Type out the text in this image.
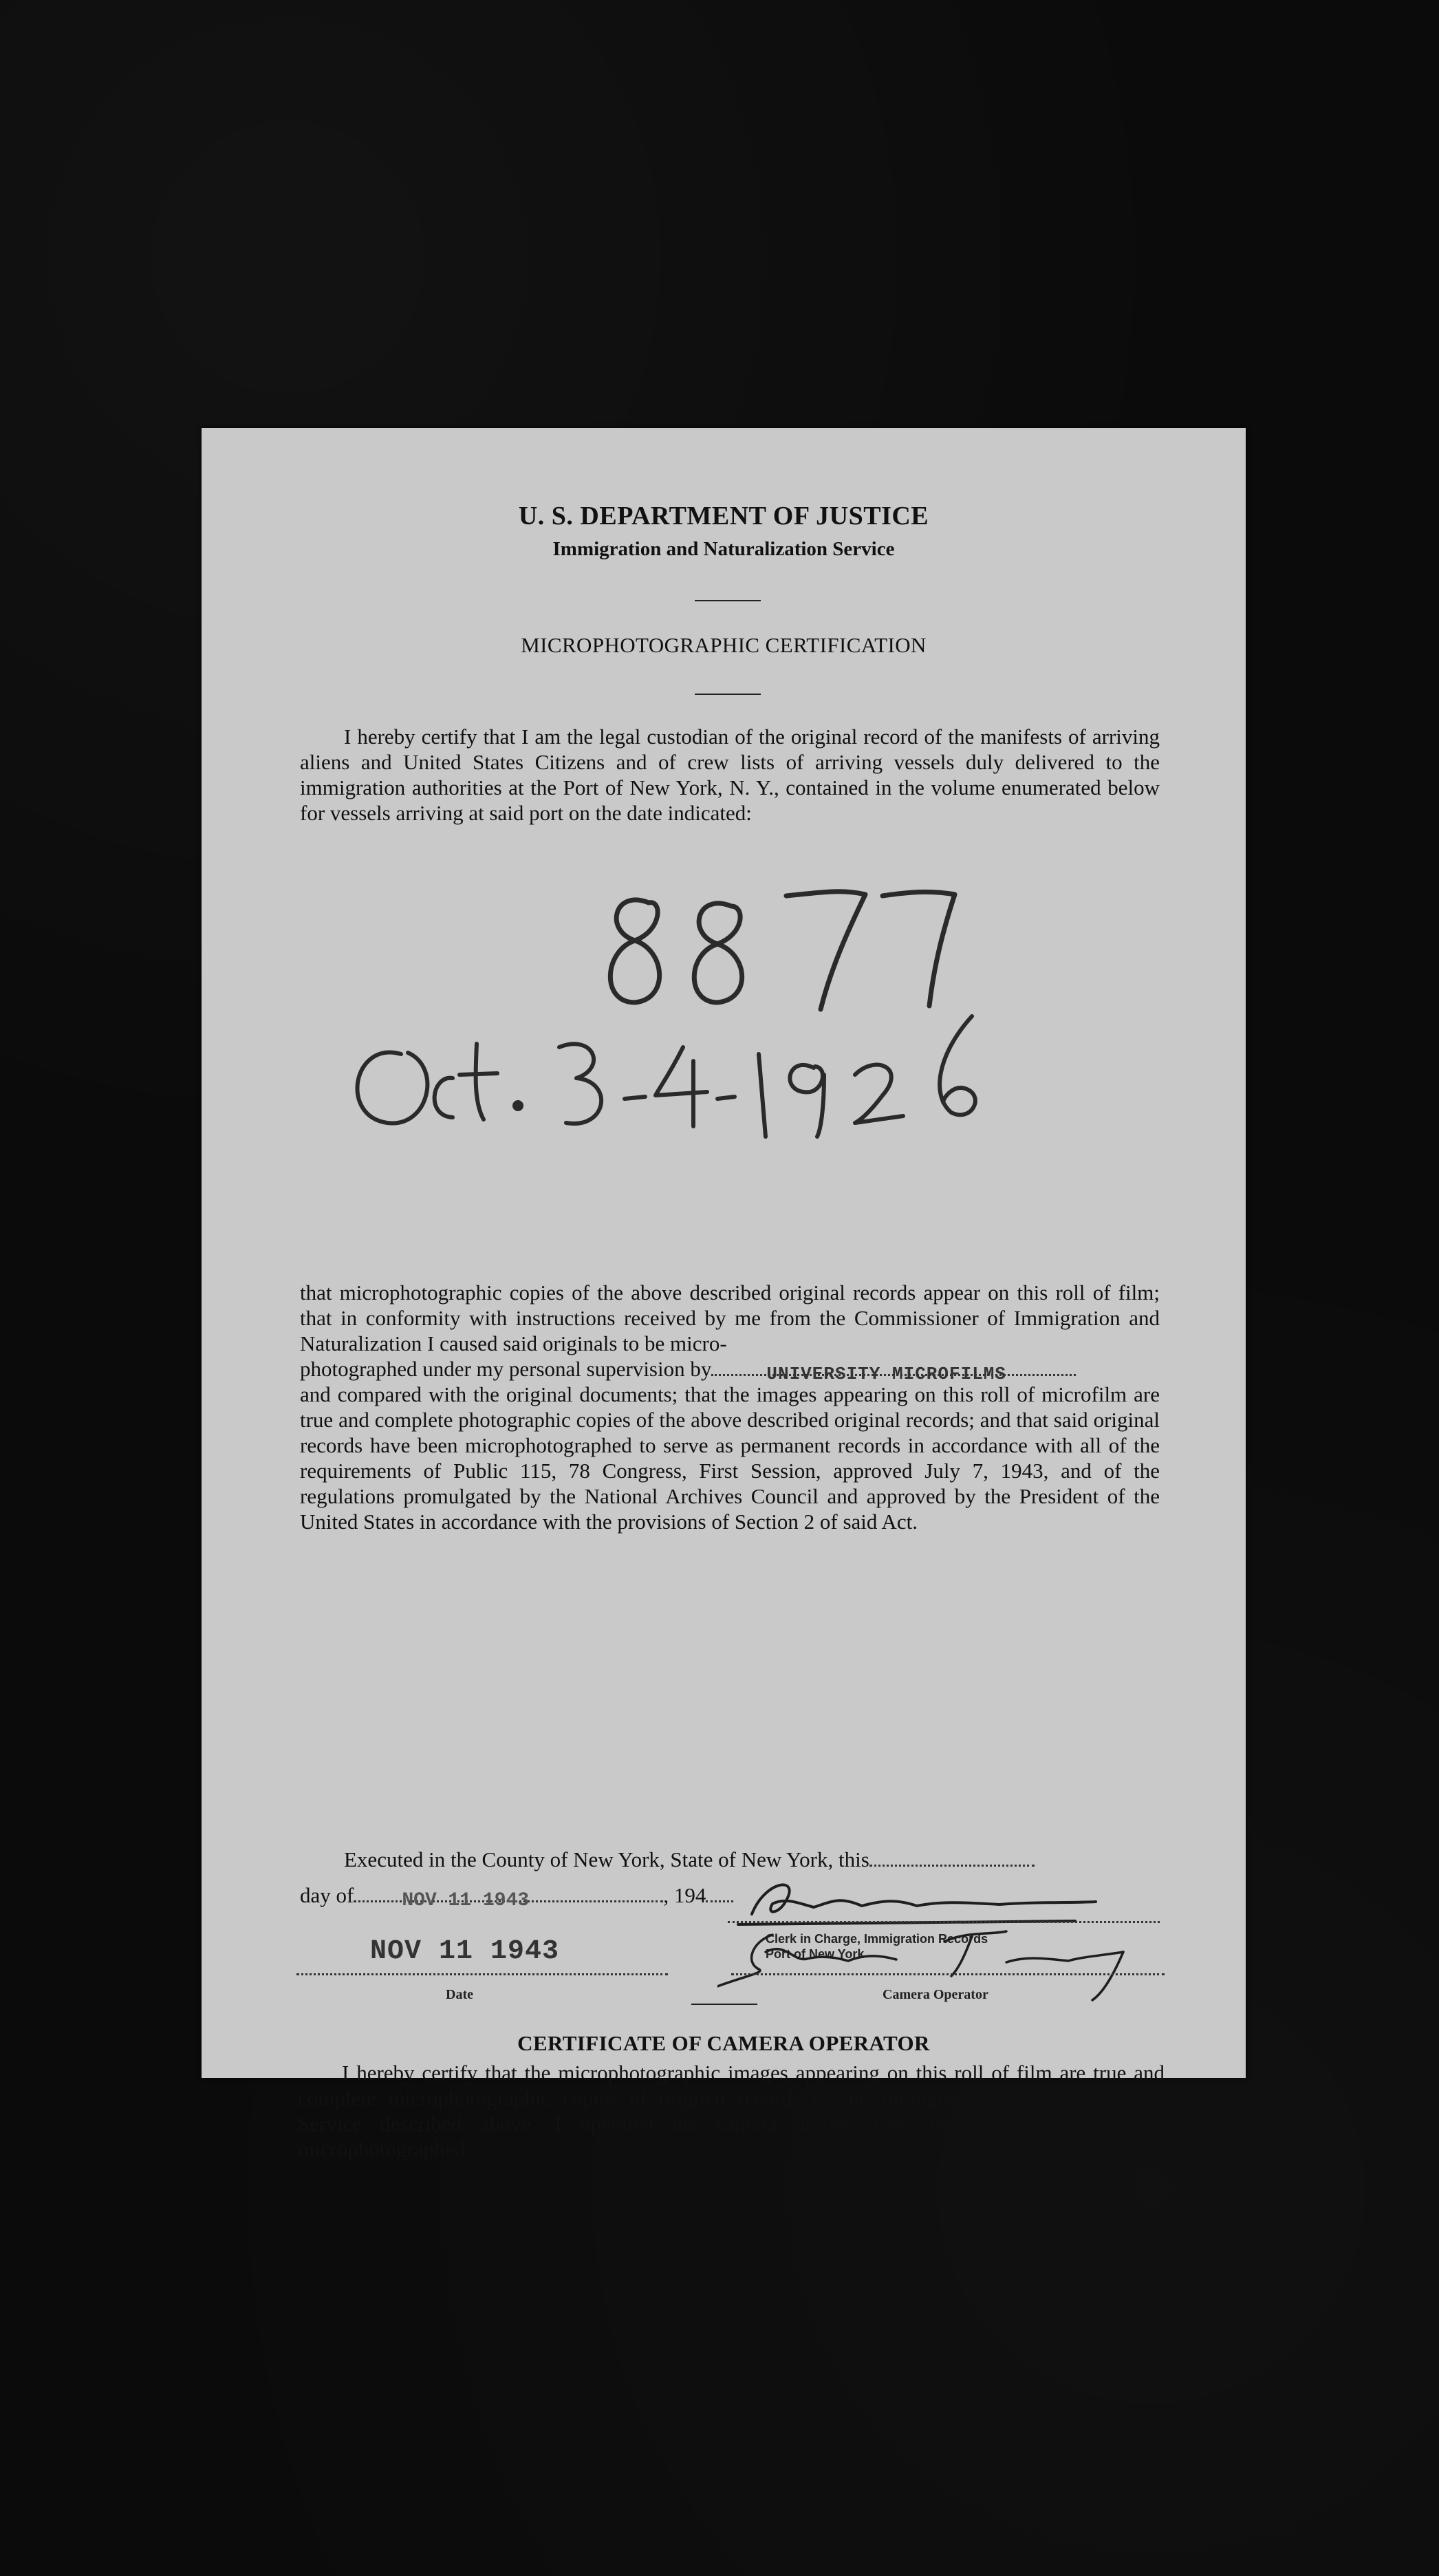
U. S. DEPARTMENT OF JUSTICE
Immigration and Naturalization Service
MICROPHOTOGRAPHIC CERTIFICATION
I hereby certify that I am the legal custodian of the original record of the manifests of arriving aliens and United States Citizens and of crew lists of arriving vessels duly delivered to the immigration authorities at the Port of New York, N. Y., contained in the volume enumerated below for vessels arriving at said port on the date indicated:
that microphotographic copies of the above described original records appear on this roll of film; that in conformity with instructions received by me from the Commissioner of Immigration and Naturalization I caused said originals to be micro-
photographed under my personal supervision by	UNIVERSITY MICROFILMS
and compared with the original documents; that the images appearing on this roll of microfilm are true and complete photographic copies of the above described original records; and that said original records have been microphotographed to serve as permanent records in accordance with all of the requirements of Public 115, 78 Congress, First Session, approved July 7, 1943, and of the regulations promulgated by the National Archives Council and approved by the President of the United States in accordance with the provisions of Section 2 of said Act.
Executed in the County of New York, State of New York, this
day of	NOV 11 1943	, 194
Clerk in Charge, Immigration Records
Port of New York
CERTIFICATE OF CAMERA OPERATOR
I hereby certify that the microphotographic images appearing on this roll of film are true and complete microphotographic copies of original records of the Immigration and Naturalization Service described above. I operated the camera at the time that these records were microphotographed.
NOV 11 1943
Date	Camera Operator
